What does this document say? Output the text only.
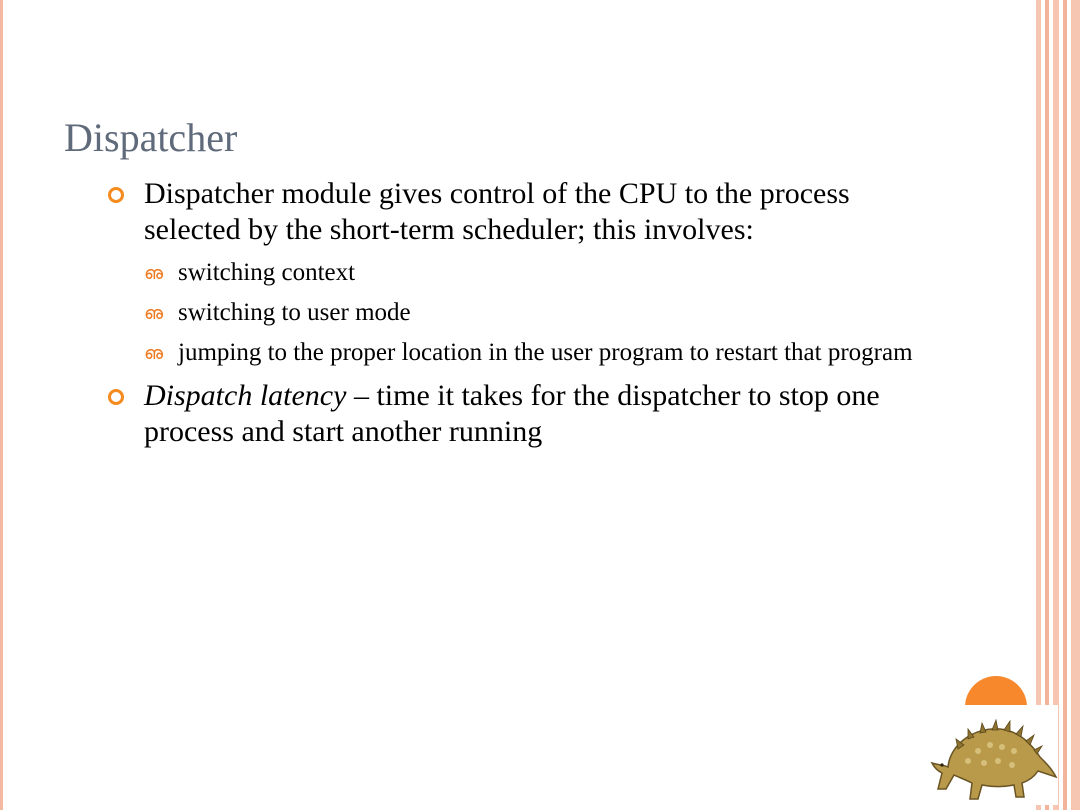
Dispatcher
Dispatcher module gives control of the CPU to the process selected by the short-term scheduler; this involves:
ഌ switching context
ഌ switching to user mode
ഌ jumping to the proper location in the user program to restart that program
Dispatch latency – time it takes for the dispatcher to stop one process and start another running
